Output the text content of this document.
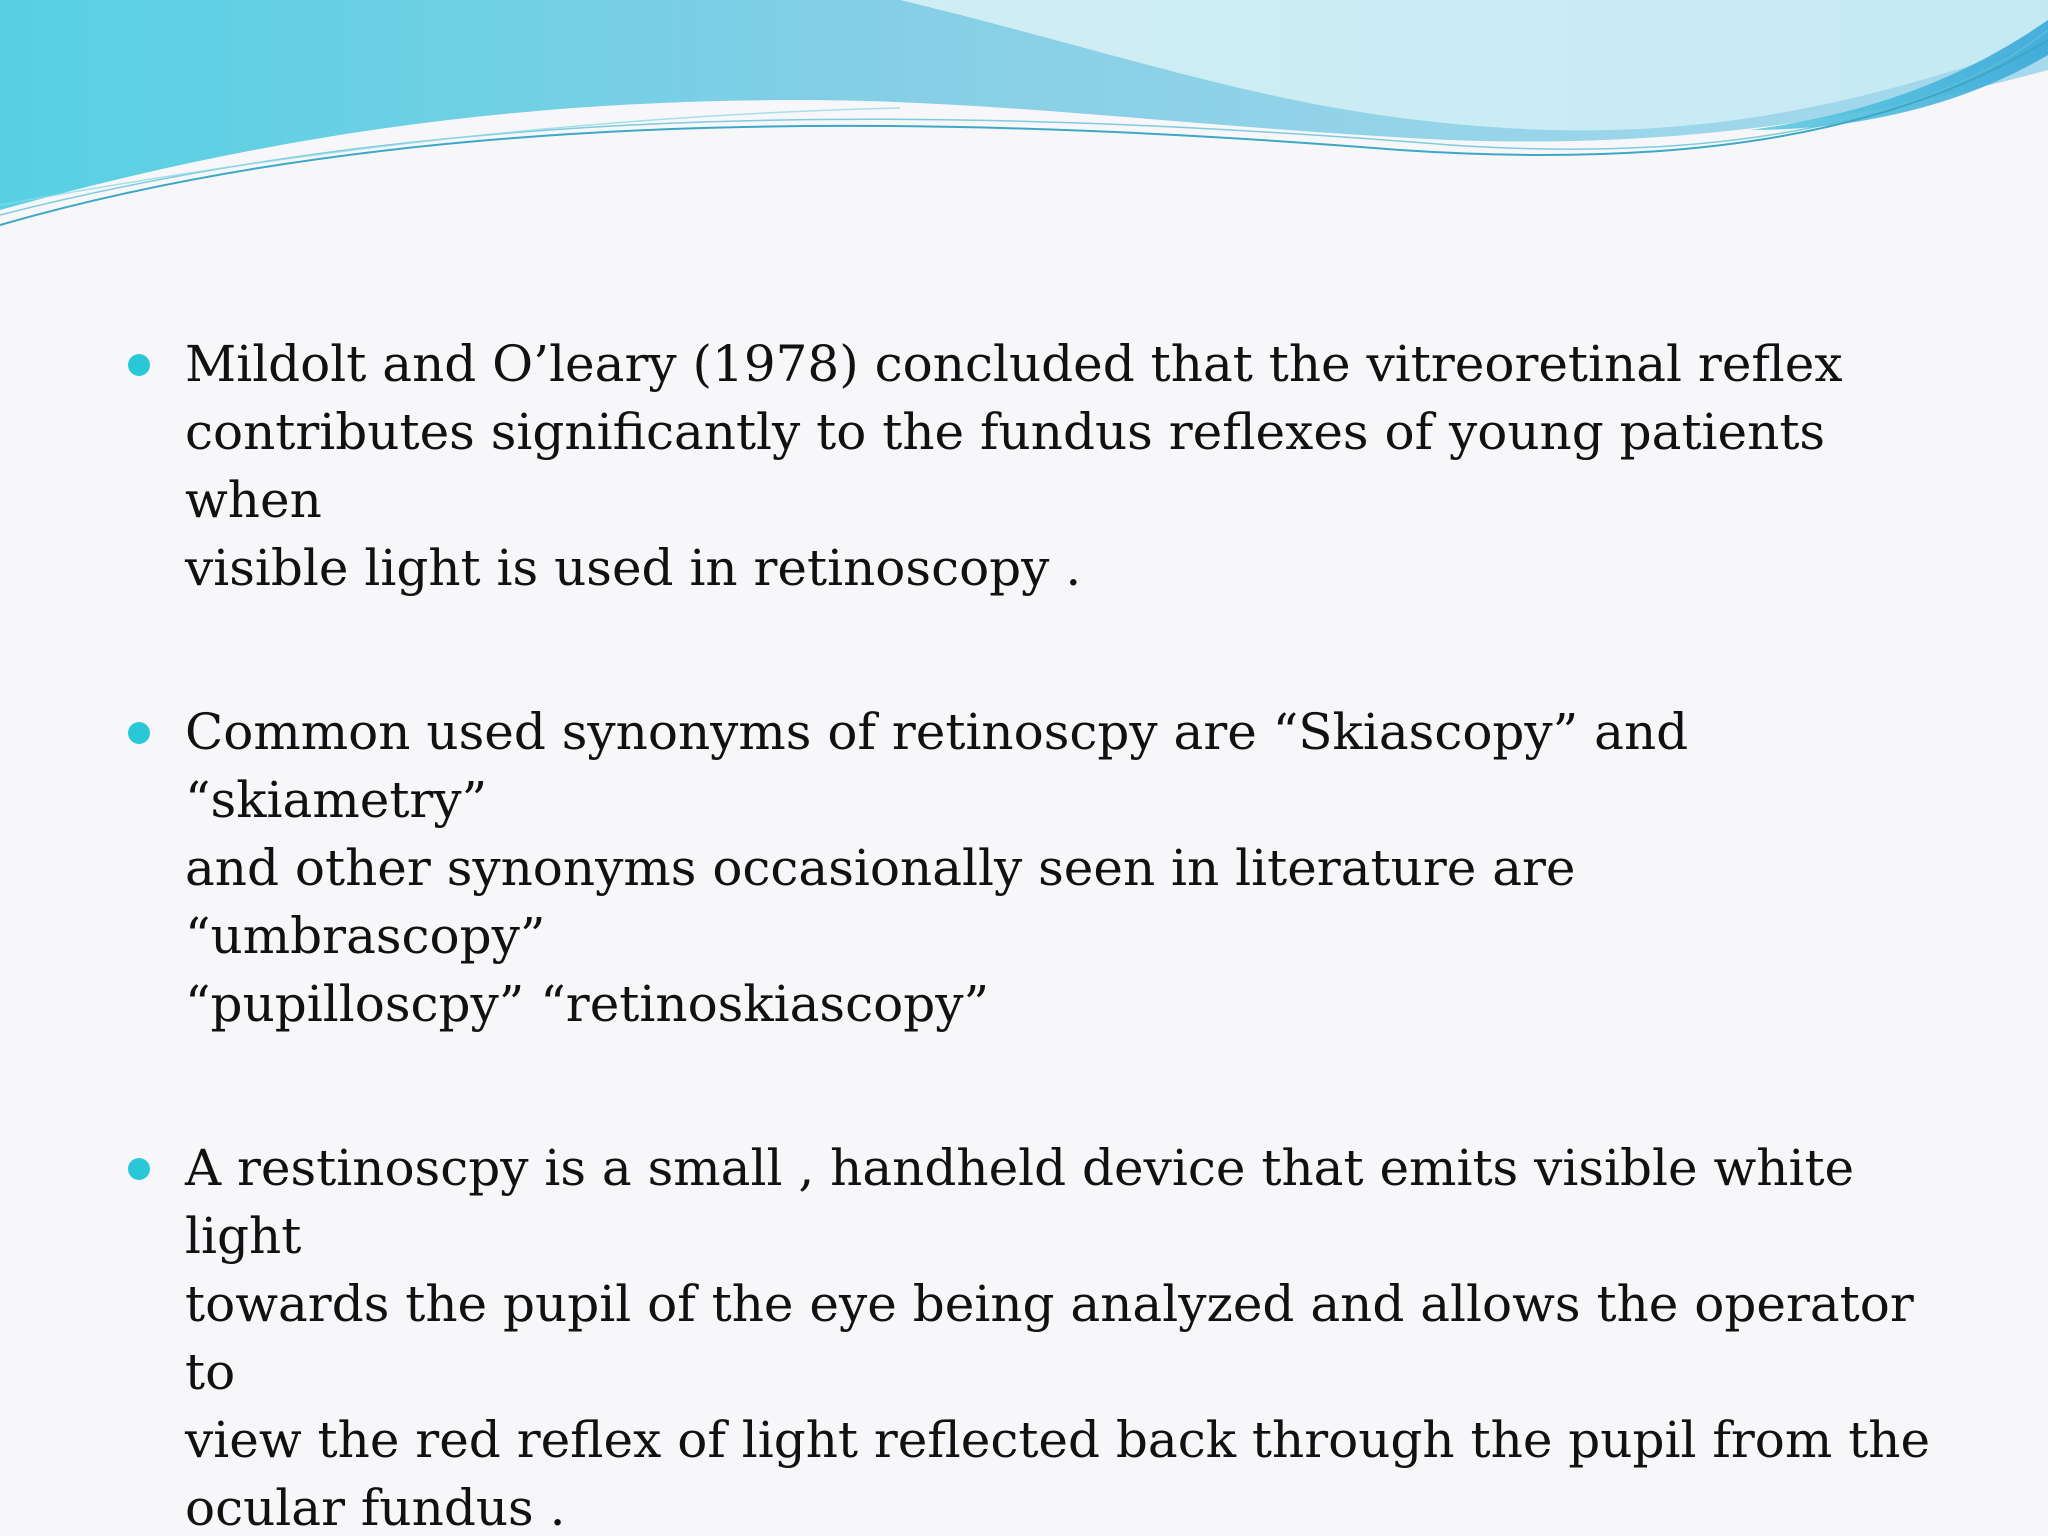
Mildolt and O’leary (1978) concluded that the vitreoretinal reflex
contributes significantly to the fundus reflexes of young patients when
visible light is used in retinoscopy .
Common used synonyms of retinoscpy are “Skiascopy” and “skiametry”
and other synonyms occasionally seen in literature are “umbrascopy”
“pupilloscpy” “retinoskiascopy”
A restinoscpy is a small , handheld device that emits visible white light
towards the pupil of the eye being analyzed and allows the operator to
view the red reflex of light reflected back through the pupil from the
ocular fundus .
